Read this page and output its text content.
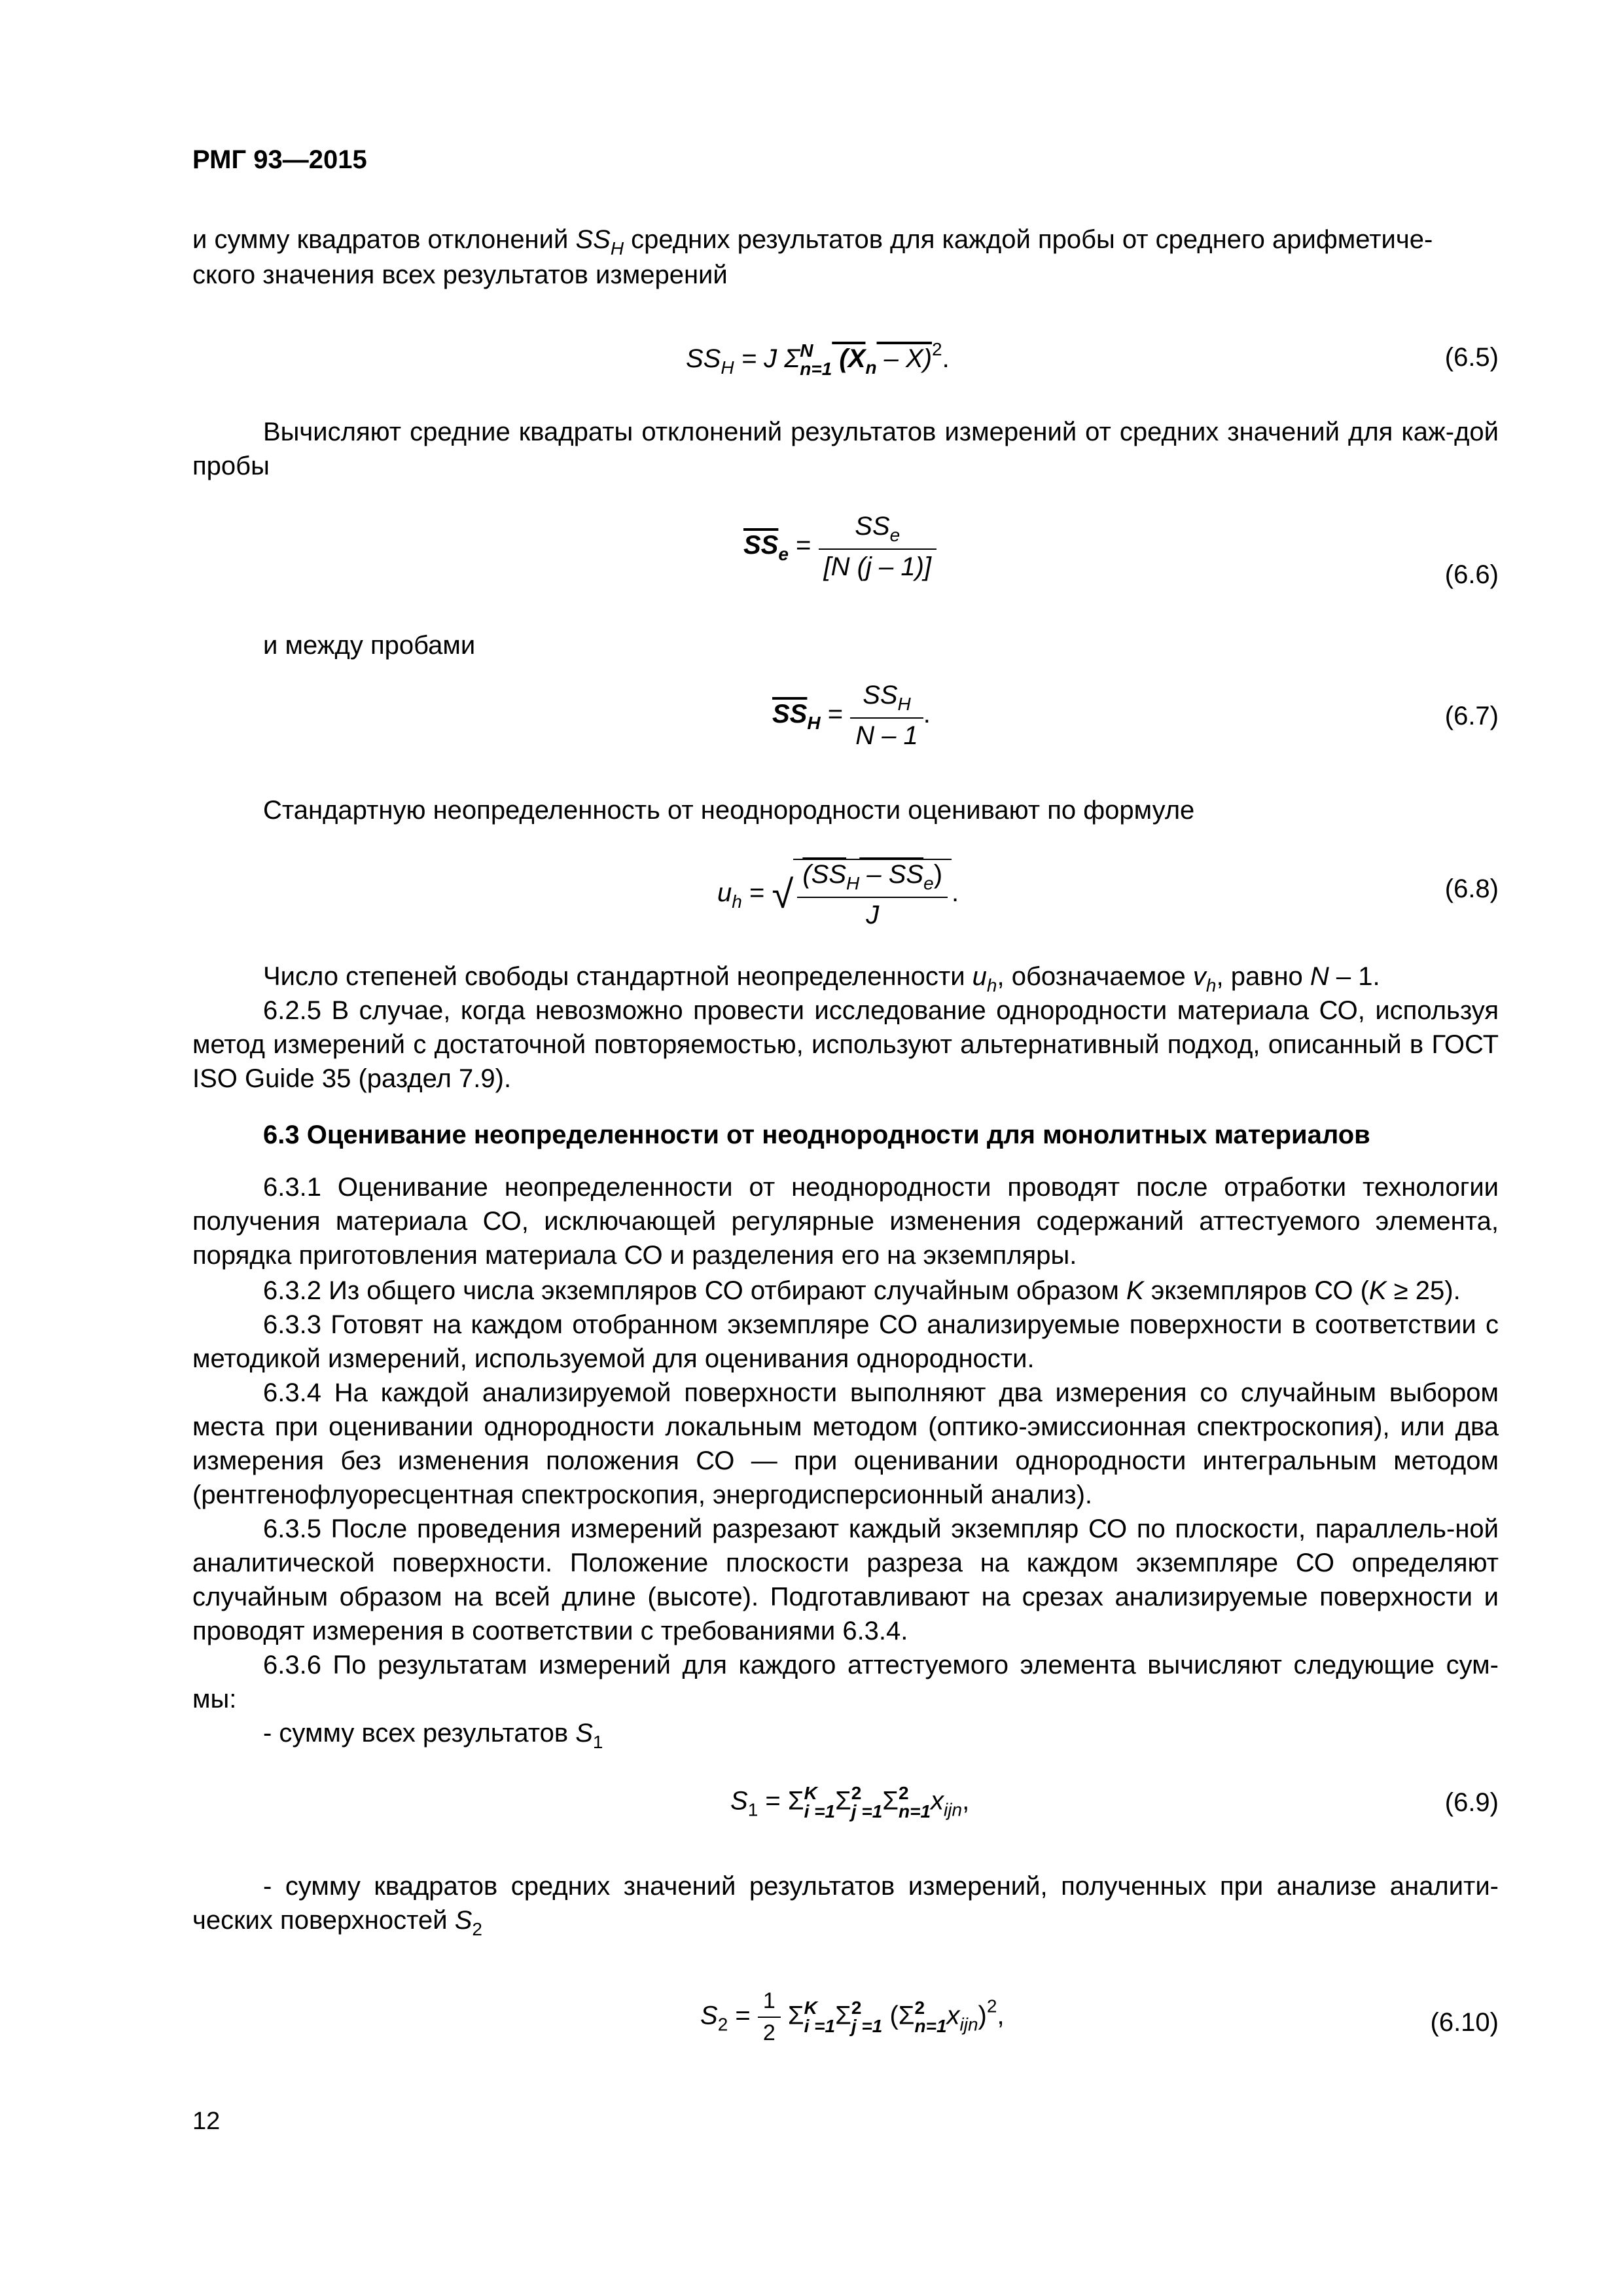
РМГ 93—2015
и сумму квадратов отклонений $SS_H$ средних результатов для каждой пробы от среднего арифметиче-
ского значения всех результатов измерений
$SS_H = J$ Σ N
n=1 $(X_n - X)^2$.	(6.5)
Вычисляют средние квадраты отклонений результатов измерений от средних значений для каж-дой пробы
$\overline{SS}_e = \frac{SS_e}{[N (j - 1)]}$	(6.6)
и между пробами
$\overline{SS}_H = \frac{SS_H}{N - 1}$ .	(6.7)
Стандартную неопределенность от неоднородности оценивают по формуле
$u_h$ = √ $\frac{(SS_H - SS_e)}{J}$ .	(6.8)
Число степеней свободы стандартной неопределенности $u_h$, обозначаемое $v_h$, равно N – 1.
6.2.5 В случае, когда невозможно провести исследование однородности материала СО, используя метод измерений с достаточной повторяемостью, используют альтернативный подход, описанный в ГОСТ ISO Guide 35 (раздел 7.9).
6.3 Оценивание неопределенности от неоднородности для монолитных материалов
6.3.1 Оценивание неопределенности от неоднородности проводят после отработки технологии получения материала СО, исключающей регулярные изменения содержаний аттестуемого элемента, порядка приготовления материала СО и разделения его на экземпляры.
6.3.2 Из общего числа экземпляров СО отбирают случайным образом K экземпляров СО (K ≥ 25).
6.3.3 Готовят на каждом отобранном экземпляре СО анализируемые поверхности в соответствии с методикой измерений, используемой для оценивания однородности.
6.3.4 На каждой анализируемой поверхности выполняют два измерения со случайным выбором места при оценивании однородности локальным методом (оптико-эмиссионная спектроскопия), или два измерения без изменения положения СО — при оценивании однородности интегральным методом (рентгенофлуоресцентная спектроскопия, энергодисперсионный анализ).
6.3.5 После проведения измерений разрезают каждый экземпляр СО по плоскости, параллель-ной аналитической поверхности. Положение плоскости разреза на каждом экземпляре СО определяют случайным образом на всей длине (высоте). Подготавливают на срезах анализируемые поверхности и проводят измерения в соответствии с требованиями 6.3.4.
6.3.6 По результатам измерений для каждого аттестуемого элемента вычисляют следующие сум-мы:
- сумму всех результатов $S_1$
$S_1 = \Sigma$ K
i =1 Σ 2
j =1 Σ 2
n=1 $x_{ijn}$,	(6.9)
- сумму квадратов средних значений результатов измерений, полученных при анализе аналити-ческих поверхностей $S_2$
$S_2 = \frac{1}{2}$ Σ K
i =1 Σ 2
j =1 (Σ 2
n=1 $x_{ijn})^2$,	(6.10)
12
